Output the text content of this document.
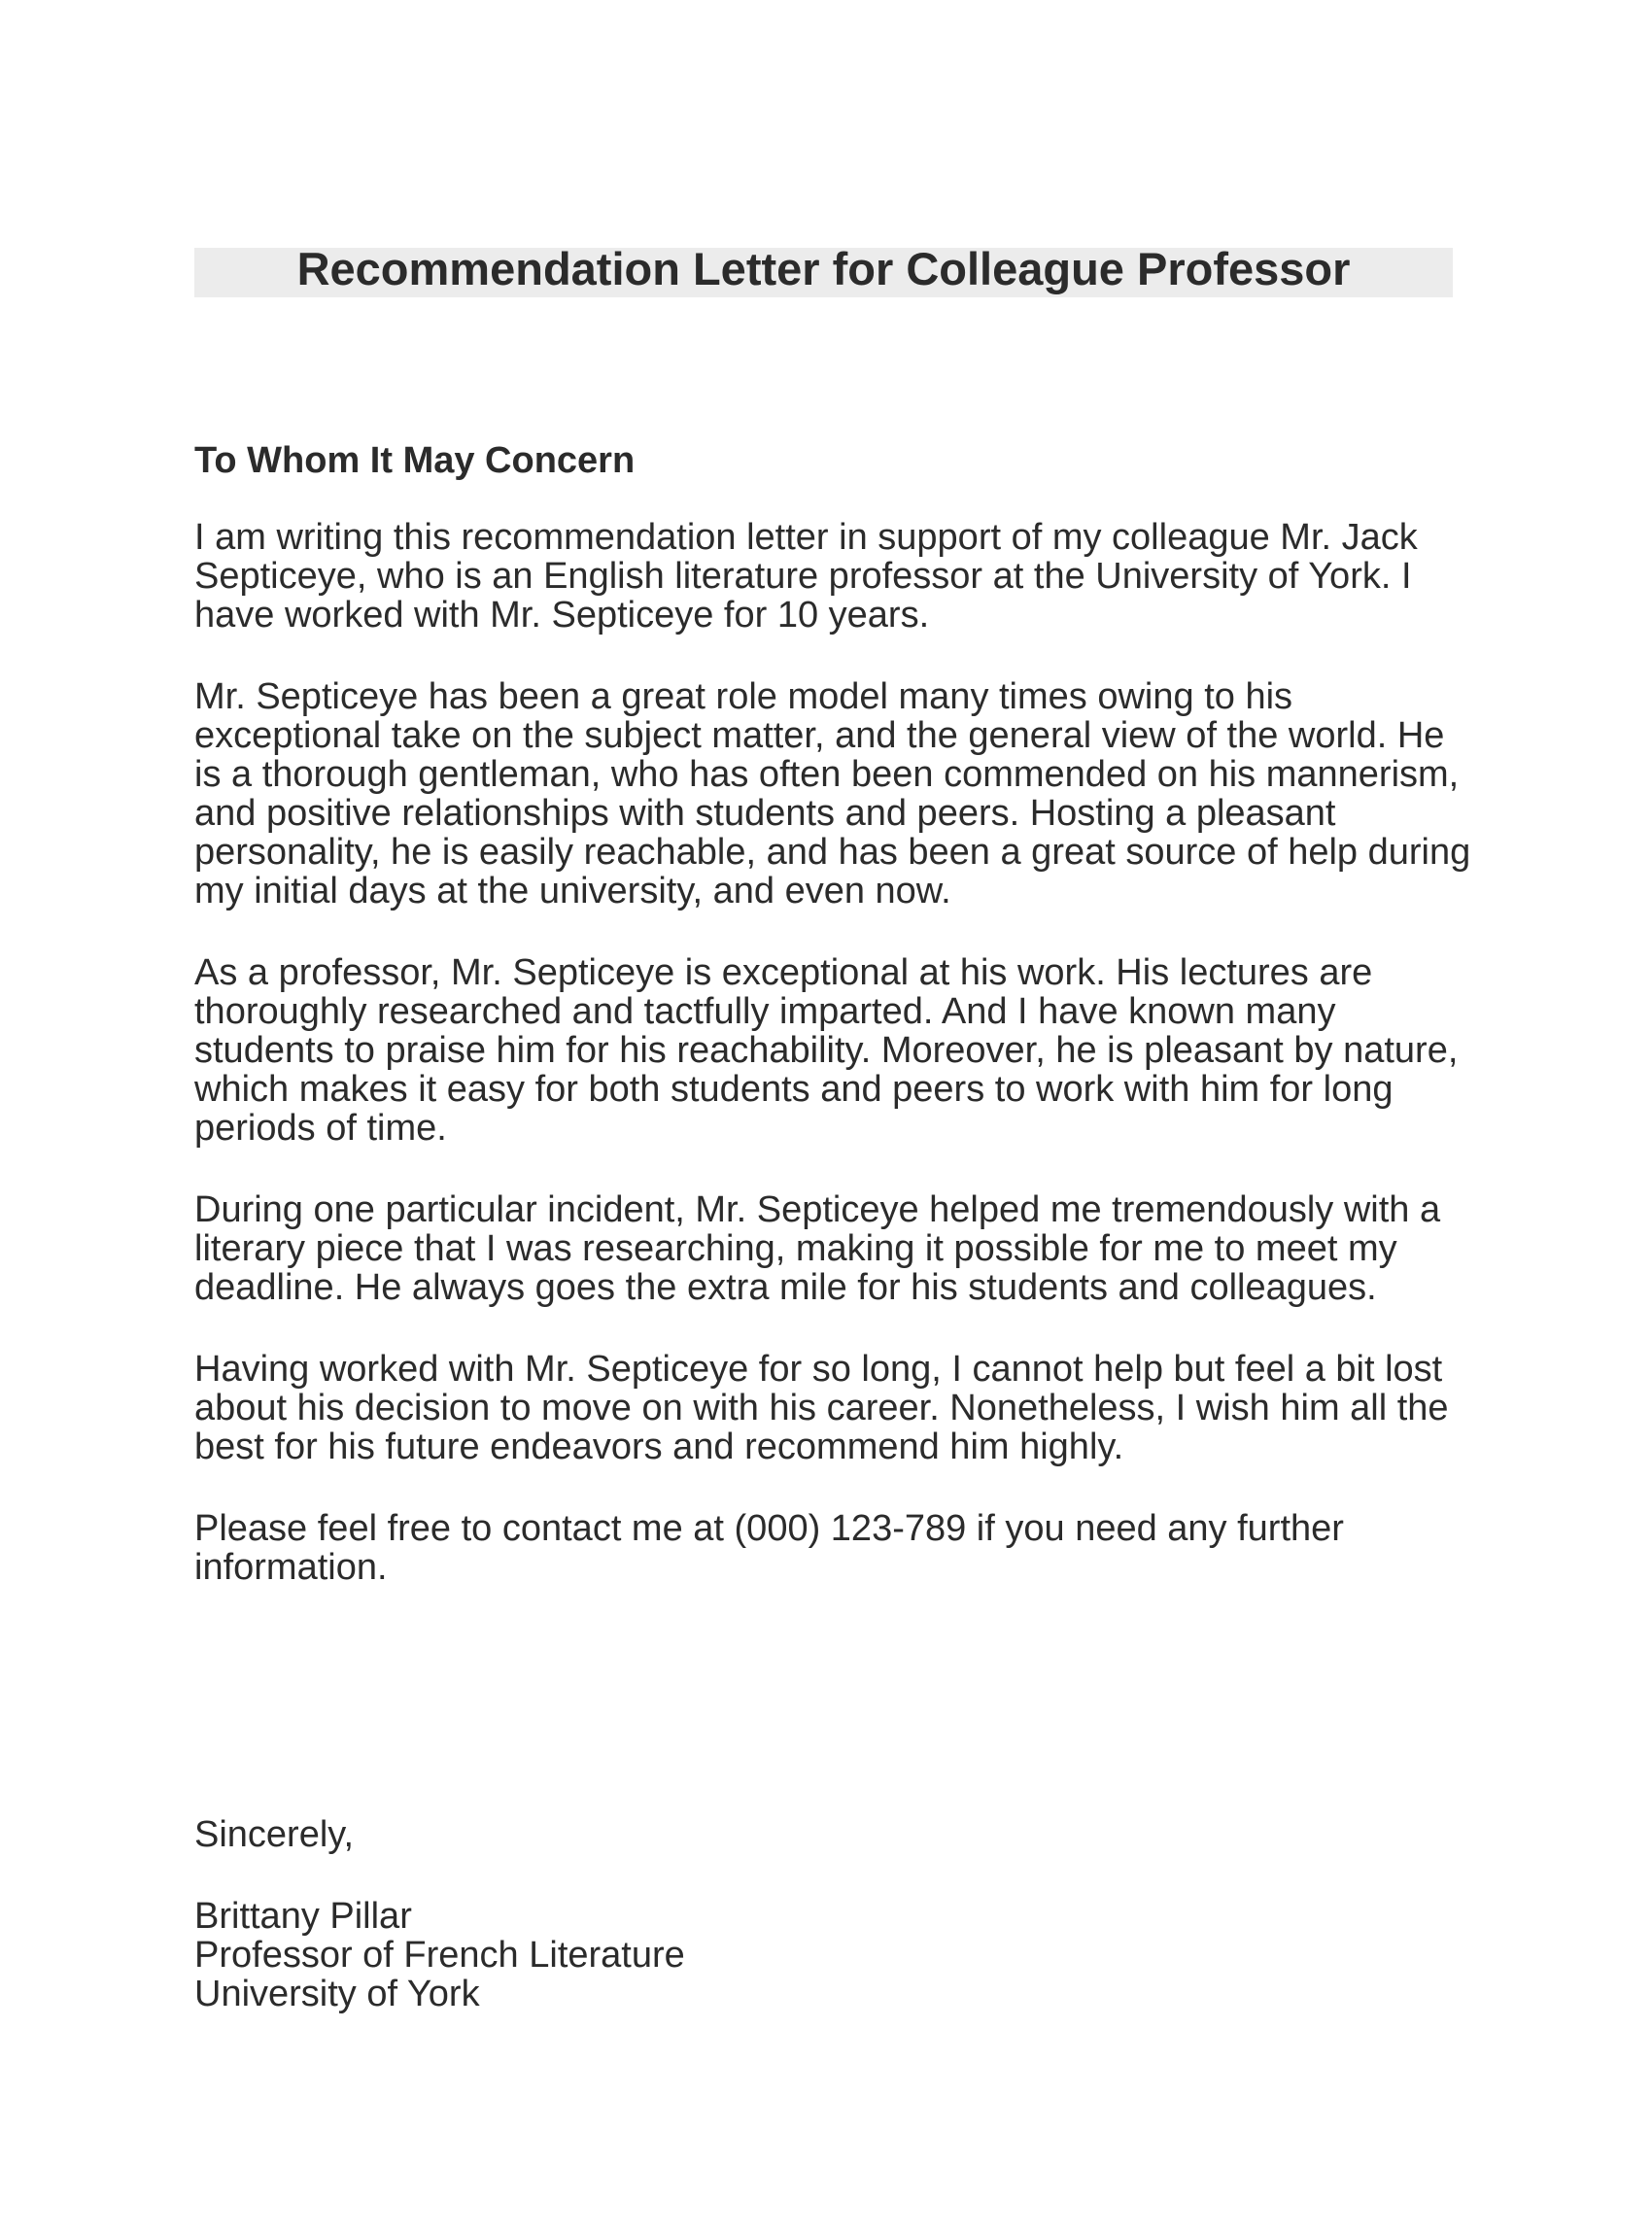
Recommendation Letter for Colleague Professor

To Whom It May Concern

I am writing this recommendation letter in support of my colleague Mr. Jack Septiceye, who is an English literature professor at the University of York. I have worked with Mr. Septiceye for 10 years.

Mr. Septiceye has been a great role model many times owing to his exceptional take on the subject matter, and the general view of the world. He is a thorough gentleman, who has often been commended on his mannerism, and positive relationships with students and peers. Hosting a pleasant personality, he is easily reachable, and has been a great source of help during my initial days at the university, and even now.

As a professor, Mr. Septiceye is exceptional at his work. His lectures are thoroughly researched and tactfully imparted. And I have known many students to praise him for his reachability. Moreover, he is pleasant by nature, which makes it easy for both students and peers to work with him for long periods of time.

During one particular incident, Mr. Septiceye helped me tremendously with a literary piece that I was researching, making it possible for me to meet my deadline. He always goes the extra mile for his students and colleagues.

Having worked with Mr. Septiceye for so long, I cannot help but feel a bit lost about his decision to move on with his career. Nonetheless, I wish him all the best for his future endeavors and recommend him highly.

Please feel free to contact me at (000) 123-789 if you need any further information.

Sincerely,

Brittany Pillar

Professor of French Literature

University of York
